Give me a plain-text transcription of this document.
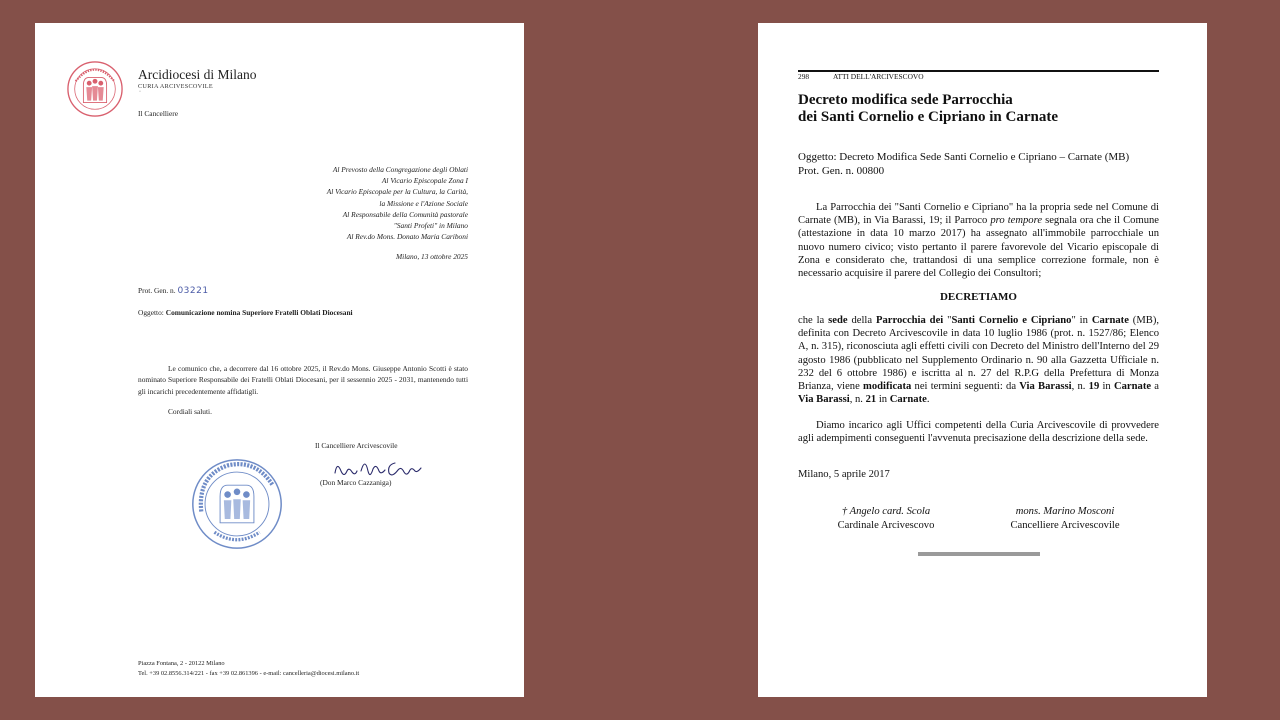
Arcidiocesi di Milano
CURIA ARCIVESCOVILE
·
Il Cancelliere
Al Prevosto della Congregazione degli Oblati
Al Vicario Episcopale Zona I
Al Vicario Episcopale per la Cultura, la Carità,
la Missione e l'Azione Sociale
Al Responsabile della Comunità pastorale
"Santi Profeti" in Milano
Al Rev.do Mons. Donato Maria Cariboni
Milano, 13 ottobre 2025
Prot. Gen. n. 03221
Oggetto: Comunicazione nomina Superiore Fratelli Oblati Diocesani

Le comunico che, a decorrere dal 16 ottobre 2025, il Rev.do Mons. Giuseppe Antonio Scotti è stato nominato Superiore Responsabile dei Fratelli Oblati Diocesani, per il sessennio 2025 - 2031, mantenendo tutti gli incarichi precedentemente affidatigli.

Cordiali saluti.
Il Cancelliere Arcivescovile
(Don Marco Cazzaniga)
Piazza Fontana, 2 - 20122 Milano
Tel. +39 02.8556.314/221 - fax +39 02.861396 - e-mail: cancelleria@diocesi.milano.it
298	ATTI DELL'ARCIVESCOVO
Decreto modifica sede Parrocchia
dei Santi Cornelio e Cipriano in Carnate
Oggetto: Decreto Modifica Sede Santi Cornelio e Cipriano – Carnate (MB)
Prot. Gen. n. 00800

La Parrocchia dei "Santi Cornelio e Cipriano" ha la propria sede nel Comune di Carnate (MB), in Via Barassi, 19; il Parroco pro tempore segnala ora che il Comune (attestazione in data 10 marzo 2017) ha assegnato all'immobile parrocchiale un nuovo numero civico; visto pertanto il parere favorevole del Vicario episcopale di Zona e considerato che, trattandosi di una semplice correzione formale, non è necessario acquisire il parere del Collegio dei Consultori;

DECRETIAMO

che la sede della Parrocchia dei "Santi Cornelio e Cipriano" in Carnate (MB), definita con Decreto Arcivescovile in data 10 luglio 1986 (prot. n. 1527/86; Elenco A, n. 315), riconosciuta agli effetti civili con Decreto del Ministro dell'Interno del 29 agosto 1986 (pubblicato nel Supplemento Ordinario n. 90 alla Gazzetta Ufficiale n. 232 del 6 ottobre 1986) e iscritta al n. 27 del R.P.G della Prefettura di Monza Brianza, viene modificata nei termini seguenti: da Via Barassi, n. 19 in Carnate a Via Barassi, n. 21 in Carnate.

Diamo incarico agli Uffici competenti della Curia Arcivescovile di provvedere agli adempimenti conseguenti l'avvenuta precisazione della descrizione della sede.

Milano, 5 aprile 2017
† Angelo card. Scola
Cardinale Arcivescovo
mons. Marino Mosconi
Cancelliere Arcivescovile
